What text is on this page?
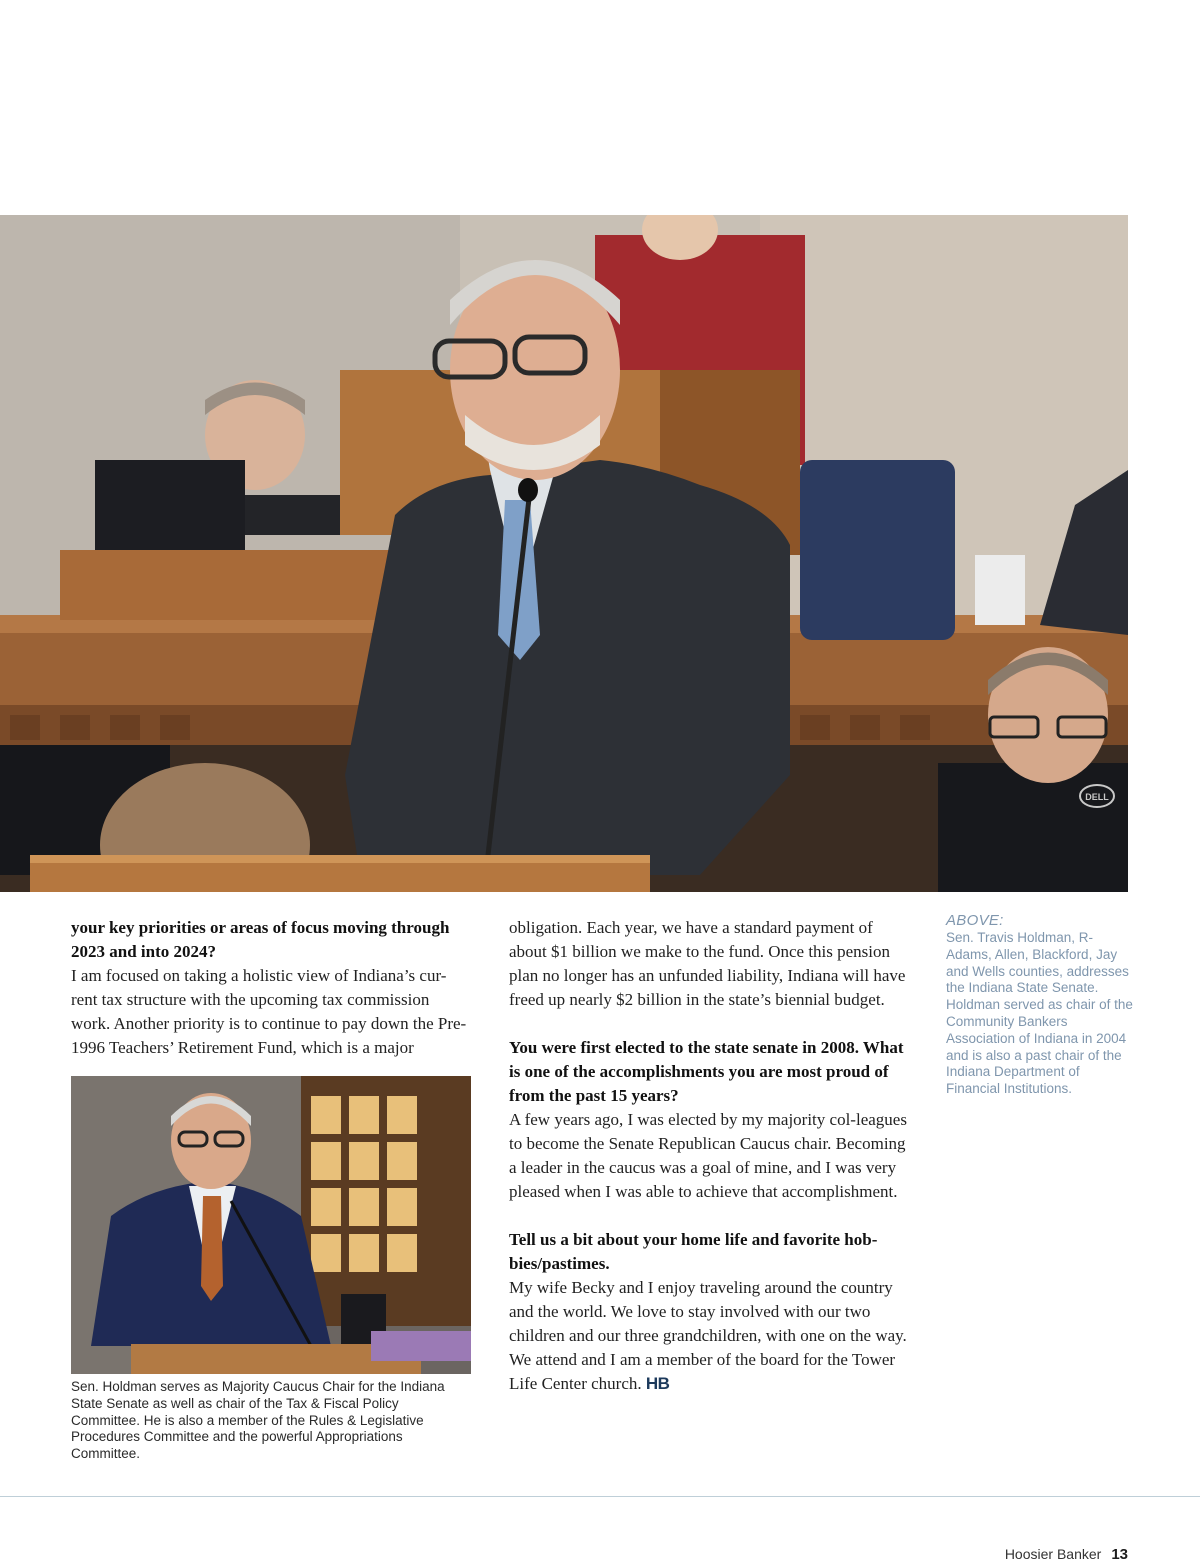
DELL

your key priorities or areas of focus moving through 2023 and into 2024?

I am focused on taking a holistic view of Indiana’s cur-rent tax structure with the upcoming tax commission work. Another priority is to continue to pay down the Pre-1996 Teachers’ Retirement Fund, which is a major

Sen. Holdman serves as Majority Caucus Chair for the Indiana State Senate as well as chair of the Tax & Fiscal Policy Committee. He is also a member of the Rules & Legislative Procedures Committee and the powerful Appropriations Committee.

obligation. Each year, we have a standard payment of about $1 billion we make to the fund. Once this pension plan no longer has an unfunded liability, Indiana will have freed up nearly $2 billion in the state’s biennial budget.

You were first elected to the state senate in 2008. What is one of the accomplishments you are most proud of from the past 15 years?

A few years ago, I was elected by my majority col-leagues to become the Senate Republican Caucus chair. Becoming a leader in the caucus was a goal of mine, and I was very pleased when I was able to achieve that accomplishment.

Tell us a bit about your home life and favorite hob-bies/pastimes.

My wife Becky and I enjoy traveling around the country and the world. We love to stay involved with our two children and our three grandchildren, with one on the way. We attend and I am a member of the board for the Tower Life Center church. HB

ABOVE:
Sen. Travis Holdman, R-Adams, Allen, Blackford, Jay and Wells counties, addresses the Indiana State Senate. Holdman served as chair of the Community Bankers Association of Indiana in 2004 and is also a past chair of the Indiana Department of Financial Institutions.
Hoosier Banker 13
